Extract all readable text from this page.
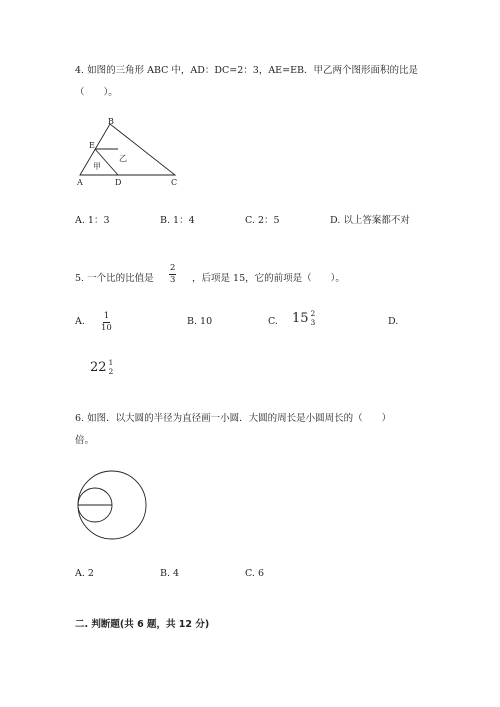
4. 如图的三角形 ABC 中，AD：DC=2：3，AE=EB．甲乙两个图形面积的比是
（　　）。
B
E
甲
乙
A	D	C
A. 1：3	B. 1：4	C. 2：5	D. 以上答案都不对
5. 一个比的比值是 $\frac{2}{3}$ ，后项是 15，它的前项是（　　）。
A. $\frac{1}{10}$	B. 10	C. 15 2
3	D.
22 1
2
6. 如图．以大圆的半径为直径画一小圆．大圆的周长是小圆周长的（　　）
倍。
A. 2	B. 4	C. 6
二. 判断题(共 6 题，共 12 分)
